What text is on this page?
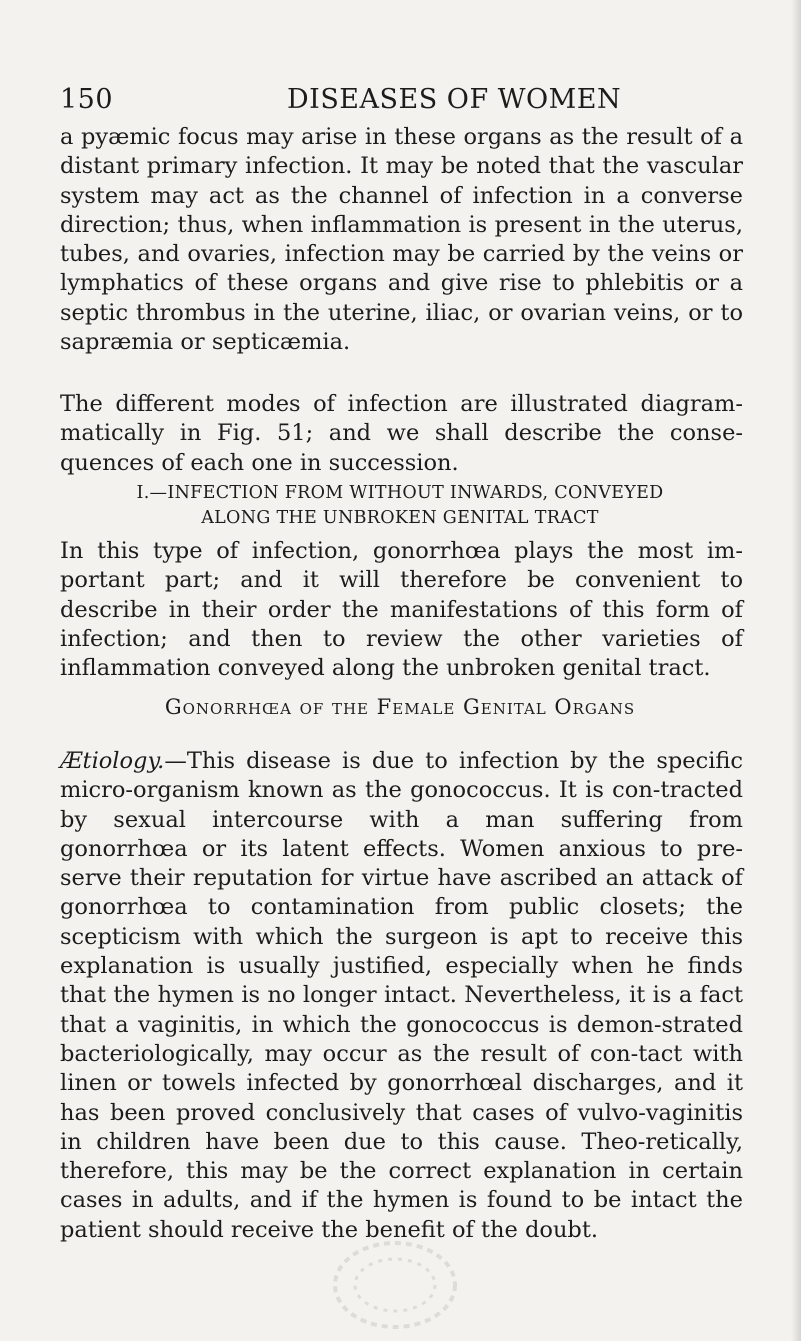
150	DISEASES OF WOMEN

a pyæmic focus may arise in these organs as the result of a distant primary infection. It may be noted that the vascular system may act as the channel of infection in a converse direction; thus, when inflammation is present in the uterus, tubes, and ovaries, infection may be carried by the veins or lymphatics of these organs and give rise to phlebitis or a septic thrombus in the uterine, iliac, or ovarian veins, or to sapræmia or septicæmia.

The different modes of infection are illustrated diagram-matically in Fig. 51; and we shall describe the conse-quences of each one in succession.

I.—INFECTION FROM WITHOUT INWARDS, CONVEYED
ALONG THE UNBROKEN GENITAL TRACT

In this type of infection, gonorrhœa plays the most im-portant part; and it will therefore be convenient to describe in their order the manifestations of this form of infection; and then to review the other varieties of inflammation conveyed along the unbroken genital tract.

Gonorrhœa of the Female Genital Organs

Ætiology.—This disease is due to infection by the specific micro-organism known as the gonococcus. It is con-tracted by sexual intercourse with a man suffering from gonorrhœa or its latent effects. Women anxious to pre-serve their reputation for virtue have ascribed an attack of gonorrhœa to contamination from public closets; the scepticism with which the surgeon is apt to receive this explanation is usually justified, especially when he finds that the hymen is no longer intact. Nevertheless, it is a fact that a vaginitis, in which the gonococcus is demon-strated bacteriologically, may occur as the result of con-tact with linen or towels infected by gonorrhœal discharges, and it has been proved conclusively that cases of vulvo-vaginitis in children have been due to this cause. Theo-retically, therefore, this may be the correct explanation in certain cases in adults, and if the hymen is found to be intact the patient should receive the benefit of the doubt.
